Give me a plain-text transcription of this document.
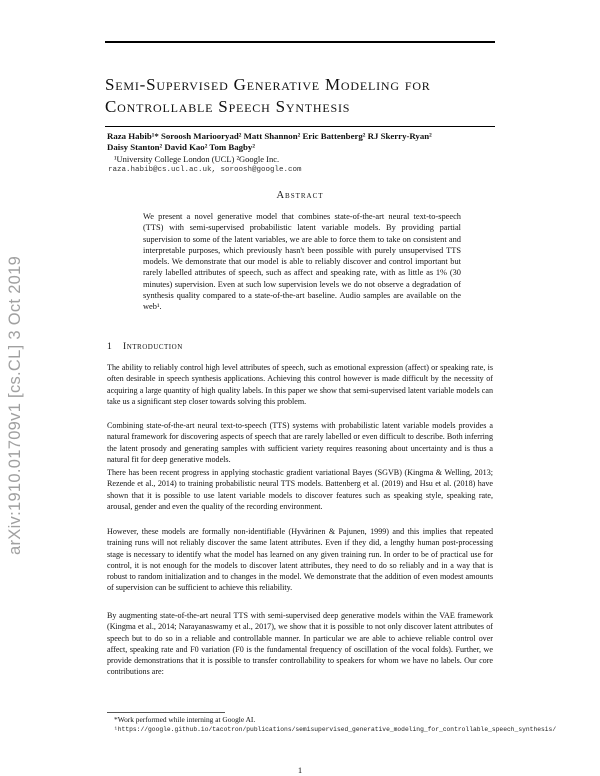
arXiv:1910.01709v1 [cs.CL] 3 Oct 2019
Semi-Supervised Generative Modeling for
Controllable Speech Synthesis
Raza Habib¹* Soroosh Mariooryad² Matt Shannon² Eric Battenberg² RJ Skerry-Ryan²
Daisy Stanton² David Kao² Tom Bagby²
¹University College London (UCL) ²Google Inc.
raza.habib@cs.ucl.ac.uk, soroosh@google.com
Abstract
We present a novel generative model that combines state-of-the-art neural text-to-speech (TTS) with semi-supervised probabilistic latent variable models. By providing partial supervision to some of the latent variables, we are able to force them to take on consistent and interpretable purposes, which previously hasn't been possible with purely unsupervised TTS models. We demonstrate that our model is able to reliably discover and control important but rarely labelled attributes of speech, such as affect and speaking rate, with as little as 1% (30 minutes) supervision. Even at such low supervision levels we do not observe a degradation of synthesis quality compared to a state-of-the-art baseline. Audio samples are available on the web¹.
1 Introduction
The ability to reliably control high level attributes of speech, such as emotional expression (affect) or speaking rate, is often desirable in speech synthesis applications. Achieving this control however is made difficult by the necessity of acquiring a large quantity of high quality labels. In this paper we show that semi-supervised latent variable models can take us a significant step closer towards solving this problem.
Combining state-of-the-art neural text-to-speech (TTS) systems with probabilistic latent variable models provides a natural framework for discovering aspects of speech that are rarely labelled or even difficult to describe. Both inferring the latent prosody and generating samples with sufficient variety requires reasoning about uncertainty and is thus a natural fit for deep generative models.
There has been recent progress in applying stochastic gradient variational Bayes (SGVB) (Kingma & Welling, 2013; Rezende et al., 2014) to training probabilistic neural TTS models. Battenberg et al. (2019) and Hsu et al. (2018) have shown that it is possible to use latent variable models to discover features such as speaking style, speaking rate, arousal, gender and even the quality of the recording environment.
However, these models are formally non-identifiable (Hyvärinen & Pajunen, 1999) and this implies that repeated training runs will not reliably discover the same latent attributes. Even if they did, a lengthy human post-processing stage is necessary to identify what the model has learned on any given training run. In order to be of practical use for control, it is not enough for the models to discover latent attributes, they need to do so reliably and in a way that is robust to random initialization and to changes in the model. We demonstrate that the addition of even modest amounts of supervision can be sufficient to achieve this reliability.
By augmenting state-of-the-art neural TTS with semi-supervised deep generative models within the VAE framework (Kingma et al., 2014; Narayanaswamy et al., 2017), we show that it is possible to not only discover latent attributes of speech but to do so in a reliable and controllable manner. In particular we are able to achieve reliable control over affect, speaking rate and F0 variation (F0 is the fundamental frequency of oscillation of the vocal folds). Further, we provide demonstrations that it is possible to transfer controllability to speakers for whom we have no labels. Our core contributions are:
*Work performed while interning at Google AI.
¹https://google.github.io/tacotron/publications/semisupervised_generative_modeling_for_controllable_speech_synthesis/
1
